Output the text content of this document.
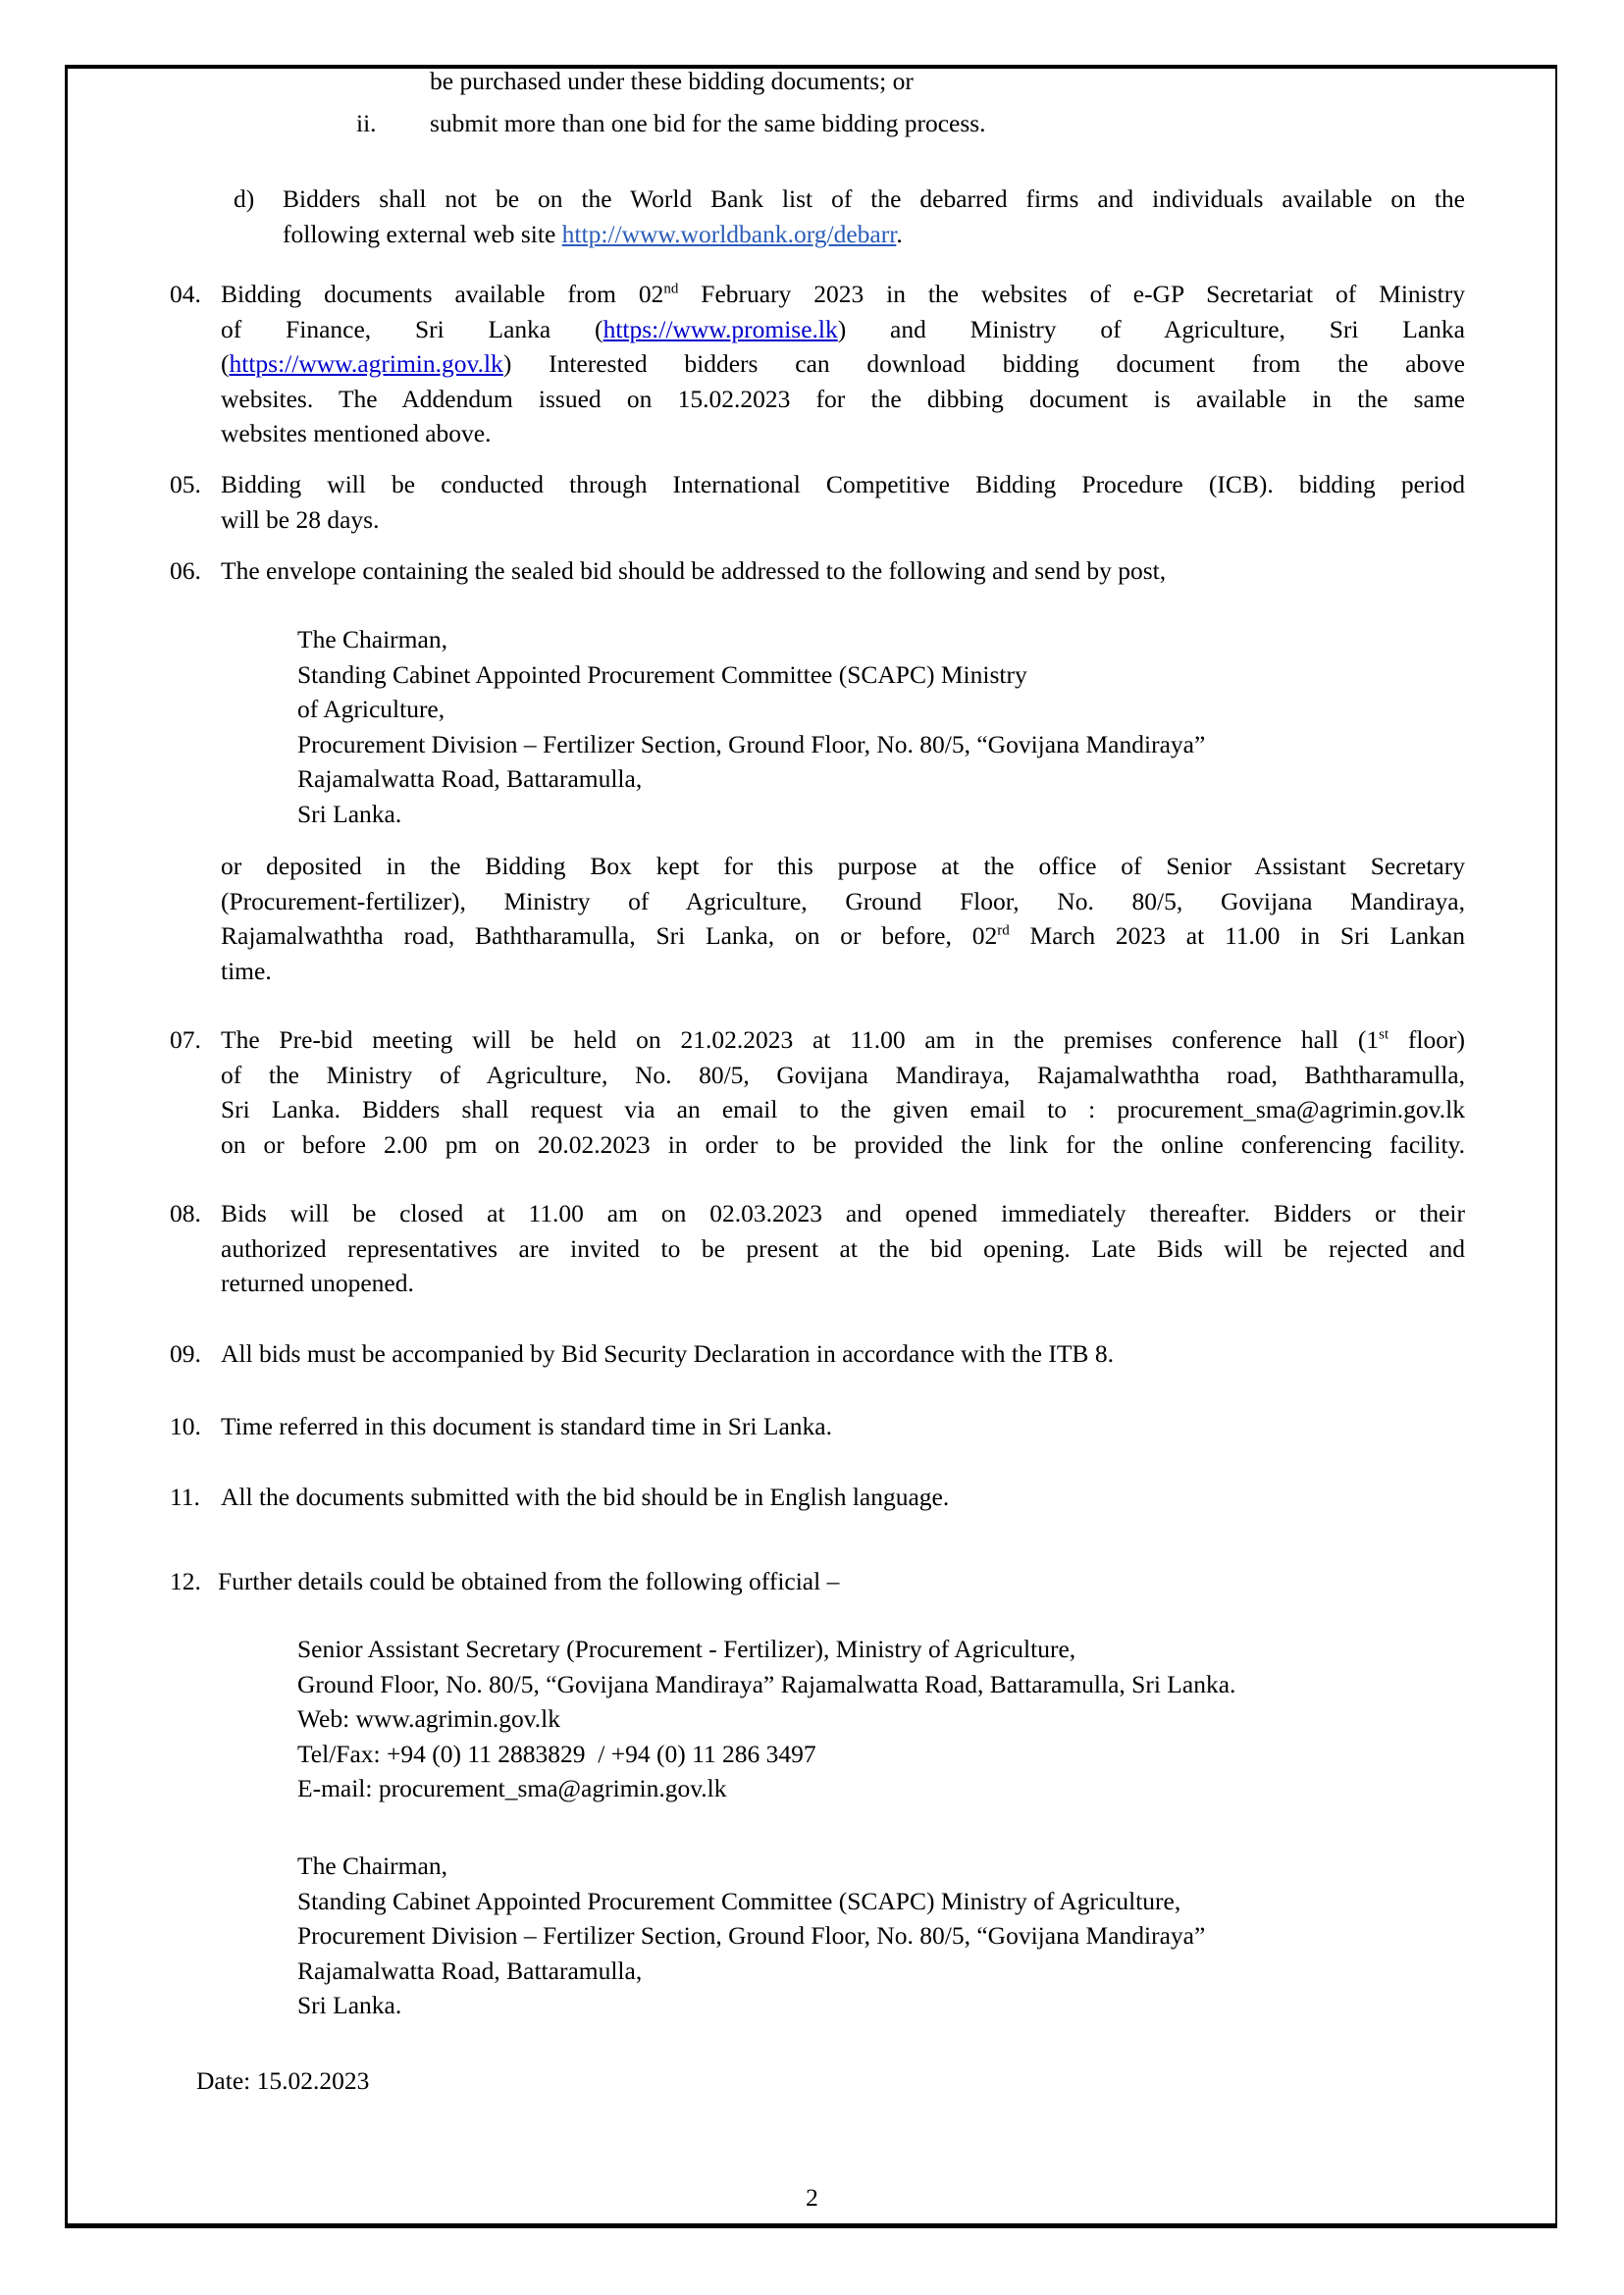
be purchased under these bidding documents; or
ii. submit more than one bid for the same bidding process.
d) Bidders shall not be on the World Bank list of the debarred firms and individuals available on the
following external web site http://www.worldbank.org/debarr.
04. Bidding documents available from 02nd February 2023 in the websites of e-GP Secretariat of Ministry
of Finance, Sri Lanka (https://www.promise.lk) and Ministry of Agriculture, Sri Lanka
(https://www.agrimin.gov.lk) Interested bidders can download bidding document from the above
websites. The Addendum issued on 15.02.2023 for the dibbing document is available in the same
websites mentioned above.
05. Bidding will be conducted through International Competitive Bidding Procedure (ICB). bidding period
will be 28 days.
06. The envelope containing the sealed bid should be addressed to the following and send by post,
The Chairman,
Standing Cabinet Appointed Procurement Committee (SCAPC) Ministry
of Agriculture,
Procurement Division – Fertilizer Section, Ground Floor, No. 80/5, “Govijana Mandiraya”
Rajamalwatta Road, Battaramulla,
Sri Lanka.
or deposited in the Bidding Box kept for this purpose at the office of Senior Assistant Secretary
(Procurement-fertilizer), Ministry of Agriculture, Ground Floor, No. 80/5, Govijana Mandiraya,
Rajamalwaththa road, Baththaramulla, Sri Lanka, on or before, 02rd March 2023 at 11.00 in Sri Lankan
time.
07. The Pre-bid meeting will be held on 21.02.2023 at 11.00 am in the premises conference hall (1st floor)
of the Ministry of Agriculture, No. 80/5, Govijana Mandiraya, Rajamalwaththa road, Baththaramulla,
Sri Lanka. Bidders shall request via an email to the given email to : procurement_sma@agrimin.gov.lk
on or before 2.00 pm on 20.02.2023 in order to be provided the link for the online conferencing facility.
08. Bids will be closed at 11.00 am on 02.03.2023 and opened immediately thereafter. Bidders or their
authorized representatives are invited to be present at the bid opening. Late Bids will be rejected and
returned unopened.
09. All bids must be accompanied by Bid Security Declaration in accordance with the ITB 8.
10. Time referred in this document is standard time in Sri Lanka.
11. All the documents submitted with the bid should be in English language.
12. Further details could be obtained from the following official –
Senior Assistant Secretary (Procurement - Fertilizer), Ministry of Agriculture,
Ground Floor, No. 80/5, “Govijana Mandiraya” Rajamalwatta Road, Battaramulla, Sri Lanka.
Web: www.agrimin.gov.lk
Tel/Fax: +94 (0) 11 2883829  / +94 (0) 11 286 3497
E-mail: procurement_sma@agrimin.gov.lk
The Chairman,
Standing Cabinet Appointed Procurement Committee (SCAPC) Ministry of Agriculture,
Procurement Division – Fertilizer Section, Ground Floor, No. 80/5, “Govijana Mandiraya”
Rajamalwatta Road, Battaramulla,
Sri Lanka.
Date: 15.02.2023
2
